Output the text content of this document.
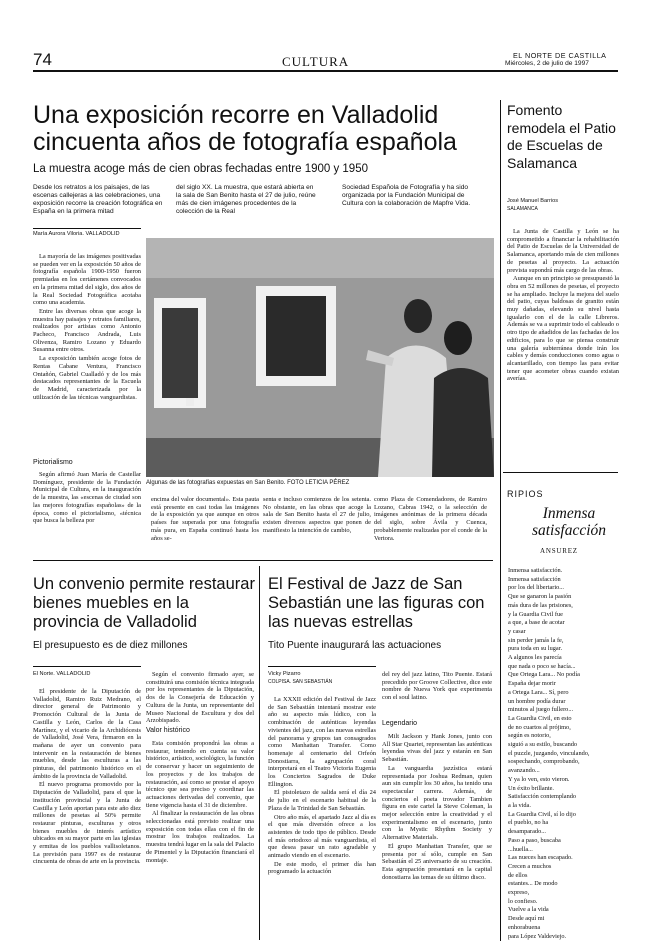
74	CULTURA	EL NORTE DE CASTILLA
Miércoles, 2 de julio de 1997
Una exposición recorre en Valladolid cincuenta años de fotografía española
La muestra acoge más de cien obras fechadas entre 1900 y 1950
Desde los retratos a los paisajes, de las escenas callejeras a las celebraciones, una exposición recorre la creación fotográfica en España en la primera mitad
del siglo XX. La muestra, que estará abierta en la sala de San Benito hasta el 27 de julio, reúne más de cien imágenes procedentes de la colección de la Real
Sociedad Española de Fotografía y ha sido organizada por la Fundación Municipal de Cultura con la colaboración de Mapfre Vida.
María Aurora Viloria. VALLADOLID

La mayoría de las imágenes positivadas se pueden ver en la exposición 50 años de fotografía española 1900-1950 fueron premiadas en los certámenes convocados en la primera mitad del siglo, dos años de la Real Sociedad Fotográfica acotaba como una academia.

Entre las diversas obras que acoge la muestra hay paisajes y retratos familiares, realizados por artistas como Antonio Pacheco, Francisco Andrada, Luis Olivenza, Ramiro Lozano y Eduardo Susanna entre otros.

La exposición también acoge fotos de Rentas Cabane Ventura, Francisco Ontañón, Gabriel Cualladó y de los más destacados representantes de la Escuela de Madrid, caracterizada por la utilización de las técnicas vanguardistas.

Pictorialismo

Según afirmó Juan María de Castellar Domínguez, presidente de la Fundación Municipal de Cultura, en la inauguración de la muestra, las «escenas de ciudad son las mejores fotografías españolas» de la época, como el pictorialismo, «técnica que busca la belleza por

Algunas de las fotografías expuestas en San Benito. FOTO LETICIA PÉREZ

encima del valor documental». Esta pauta está presente en casi todas las imágenes de la exposición ya que aunque en otros países fue superada por una fotografía más pura, en España continuó hasta los años se-

senta e incluso comienzos de los setenta. No obstante, en las obras que acoge la sala de San Benito hasta el 27 de julio, existen diversos aspectos que ponen de manifiesto la intención de cambio,

como Plaza de Comendadores, de Ramiro Lozano, Cabras 1942, o la selección de imágenes anónimas de la primera década del siglo, sobre Ávila y Cuenca, probablemente realizadas por el conde de la Vertora.

Fomento remodela el Patio de Escuelas de Salamanca
José Manuel Barrios
SALAMANCA

La Junta de Castilla y León se ha comprometido a financiar la rehabilitación del Patio de Escuelas de la Universidad de Salamanca, aportando más de cien millones de pesetas al proyecto. La actuación prevista supondrá más cargo de las obras.

Aunque en un principio se presupuestó la obra en 52 millones de pesetas, el proyecto se ha ampliado. Incluye la mejora del suelo del patio, cuyas baldosas de granito están muy dañadas, elevando su nivel hasta igualarlo con el de la calle Libreros. Además se va a suprimir todo el cableado o otro tipo de añadidos de las fachadas de los edificios, para lo que se piensa construir una galería subterránea donde irán los cables y demás conducciones como agua o alcantarillado, con tiempo las para evitar tener que acometer obras cuando existan averías.

RIPIOS
Inmensa satisfacción
ANSUREZ
Inmensa satisfacción.
Inmensa satisfacción
por los del libertario...
Que se ganaron la pasión
más dura de las prisiones,
y la Guardia Civil fue
a que, a base de acotar
y casar
sin perder jamás la fe,
pura toda en su lugar.
A algunos les parecía
que nada o poco se hacía...
Que Ortega Lara... No podía
España dejar morir
a Ortega Lara... Sí, pero
un hombre podía durar
minutos al juego fullero...
La Guardia Civil, en esto
de no cuartos al prójimo,
según es notorio,
siguió a su estilo, buscando
el puzzle, juzgando, vinculando,
sospechando, comprobando,
avanzando...
Y ya lo ven, esto vieron.
Un éxito brillante.
Satisfacción contemplando
a la vida.
La Guardia Civil, sí lo dijo
el pueblo, no ha
desamparado...
Paso a paso, buscaba
...huella...
Las nueces han escapado.
Crecen a muchos
de ellos
estantes... De modo
expreso,
lo confieso.
Vuelve a la vida
Desde aquí mi
enhorabuena
para López Valdeviejo.
Un convenio permite restaurar bienes muebles en la provincia de Valladolid
El presupuesto es de diez millones
El Norte. VALLADOLID

El presidente de la Diputación de Valladolid, Ramiro Ruiz Medrano, el director general de Patrimonio y Promoción Cultural de la Junta de Castilla y León, Carlos de la Casa Martínez, y el vicario de la Archidiócesis de Valladolid, José Vera, firmaron en la mañana de ayer un convenio para intervenir en la restauración de bienes muebles, desde las esculturas a las pinturas, del patrimonio histórico en el ámbito de la provincia de Valladolid.

El nuevo programa promovido por la Diputación de Valladolid, para el que la institución provincial y la Junta de Castilla y León aportan para este año diez millones de pesetas al 50% permite restaurar pinturas, esculturas y otros bienes muebles de interés artístico ubicados en su mayor parte en las iglesias y ermitas de los pueblos vallisoletanos. La previsión para 1997 es de restaurar cincuenta de obras de arte en la provincia.

Según el convenio firmado ayer, se constituirá una comisión técnica integrada por los representantes de la Diputación, dos de la Consejería de Educación y Cultura de la Junta, un representante del Museo Nacional de Escultura y dos del Arzobispado.

Valor histórico

Esta comisión propondrá las obras a restaurar, teniendo en cuenta su valor histórico, artístico, sociológico, la función de conservar y hacer un seguimiento de los proyectos y de los trabajos de restauración, así como se prestar el apoyo técnico que sea preciso y coordinar las actuaciones derivadas del convenio, que tiene vigencia hasta el 31 de diciembre.

Al finalizar la restauración de las obras seleccionadas está previsto realizar una exposición con todas ellas con el fin de mostrar los trabajos realizados. La muestra tendrá lugar en la sala del Palacio de Pimentel y la Diputación financiará el montaje.

El Festival de Jazz de San Sebastián une las figuras con las nuevas estrellas
Tito Puente inaugurará las actuaciones
Vicky Pizarro
COLPISA. SAN SEBASTIÁN

La XXXII edición del Festival de Jazz de San Sebastián intentará mostrar este año su aspecto más lúdico, con la combinación de auténticas leyendas vivientes del jazz, con las nuevas estrellas del panorama y grupos tan consagrados como Manhattan Transfer. Como homenaje al centenario del Orfeón Donostiarra, la agrupación coral interpretará en el Teatro Victoria Eugenia los Conciertos Sagrados de Duke Ellington.

El pistoletazo de salida será el día 24 de julio en el escenario habitual de la Plaza de la Trinidad de San Sebastián.

Otro año más, el apartado Jazz al día es el que más diversión ofrece a los asistentes de todo tipo de público. Desde el más ortodoxo al más vanguardista, el que desea pasar un rato agradable y animado viendo en el escenario.

De este modo, el primer día han programado la actuación

del rey del jazz latino, Tito Puente. Estará precedido por Groove Collective, dice este nombre de Nueva York que experimenta con el soul latino.

Legendario

Milt Jackson y Hank Jones, junto con All Star Quartet, representan las auténticas leyendas vivas del jazz y estarán en San Sebastián.

La vanguardia jazzística estará representada por Joshua Redman, quien aun sin cumplir los 30 años, ha tenido una espectacular carrera. Además, de conciertos el poeta trovador Tambien figura en este cartel la Steve Coleman, la mejor selección entre la creatividad y el experimentalismo en el escenario, junto con la Mystic Rhythm Society y Alternative Materials.

El grupo Manhattan Transfer, que se presenta por sí sólo, cumple en San Sebastián el 25 aniversario de su creación. Esta agrupación presentará en la capital donostiarra las temas de su último disco.
